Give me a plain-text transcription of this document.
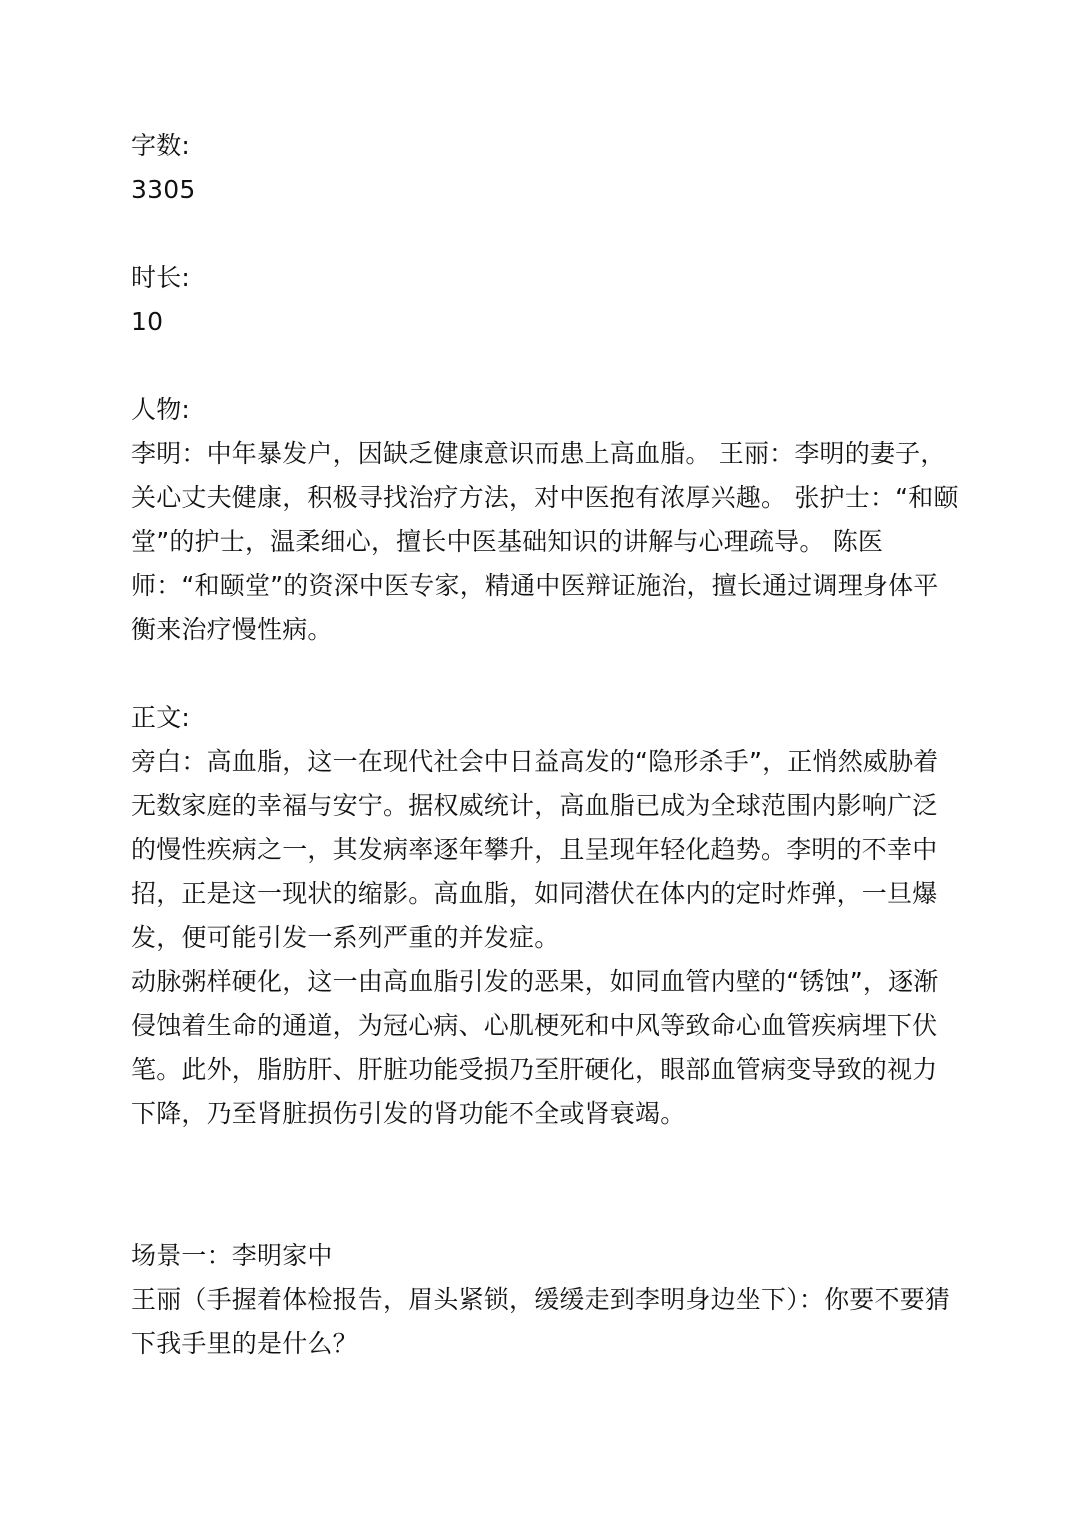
字数:
3305
时长:
10
人物:
李明：中年暴发户，因缺乏健康意识而患上高血脂。 王丽：李明的妻子，关心丈夫健康，积极寻找治疗方法，对中医抱有浓厚兴趣。 张护士：“和颐堂”的护士，温柔细心，擅长中医基础知识的讲解与心理疏导。 陈医师：“和颐堂”的资深中医专家，精通中医辩证施治，擅长通过调理身体平衡来治疗慢性病。
正文:
旁白：高血脂，这一在现代社会中日益高发的“隐形杀手”，正悄然威胁着无数家庭的幸福与安宁。据权威统计，高血脂已成为全球范围内影响广泛的慢性疾病之一，其发病率逐年攀升，且呈现年轻化趋势。李明的不幸中招，正是这一现状的缩影。高血脂，如同潜伏在体内的定时炸弹，一旦爆发，便可能引发一系列严重的并发症。
动脉粥样硬化，这一由高血脂引发的恶果，如同血管内壁的“锈蚀”，逐渐侵蚀着生命的通道，为冠心病、心肌梗死和中风等致命心血管疾病埋下伏笔。此外，脂肪肝、肝脏功能受损乃至肝硬化，眼部血管病变导致的视力下降，乃至肾脏损伤引发的肾功能不全或肾衰竭。
场景一：李明家中
王丽（手握着体检报告，眉头紧锁，缓缓走到李明身边坐下）：你要不要猜下我手里的是什么？
